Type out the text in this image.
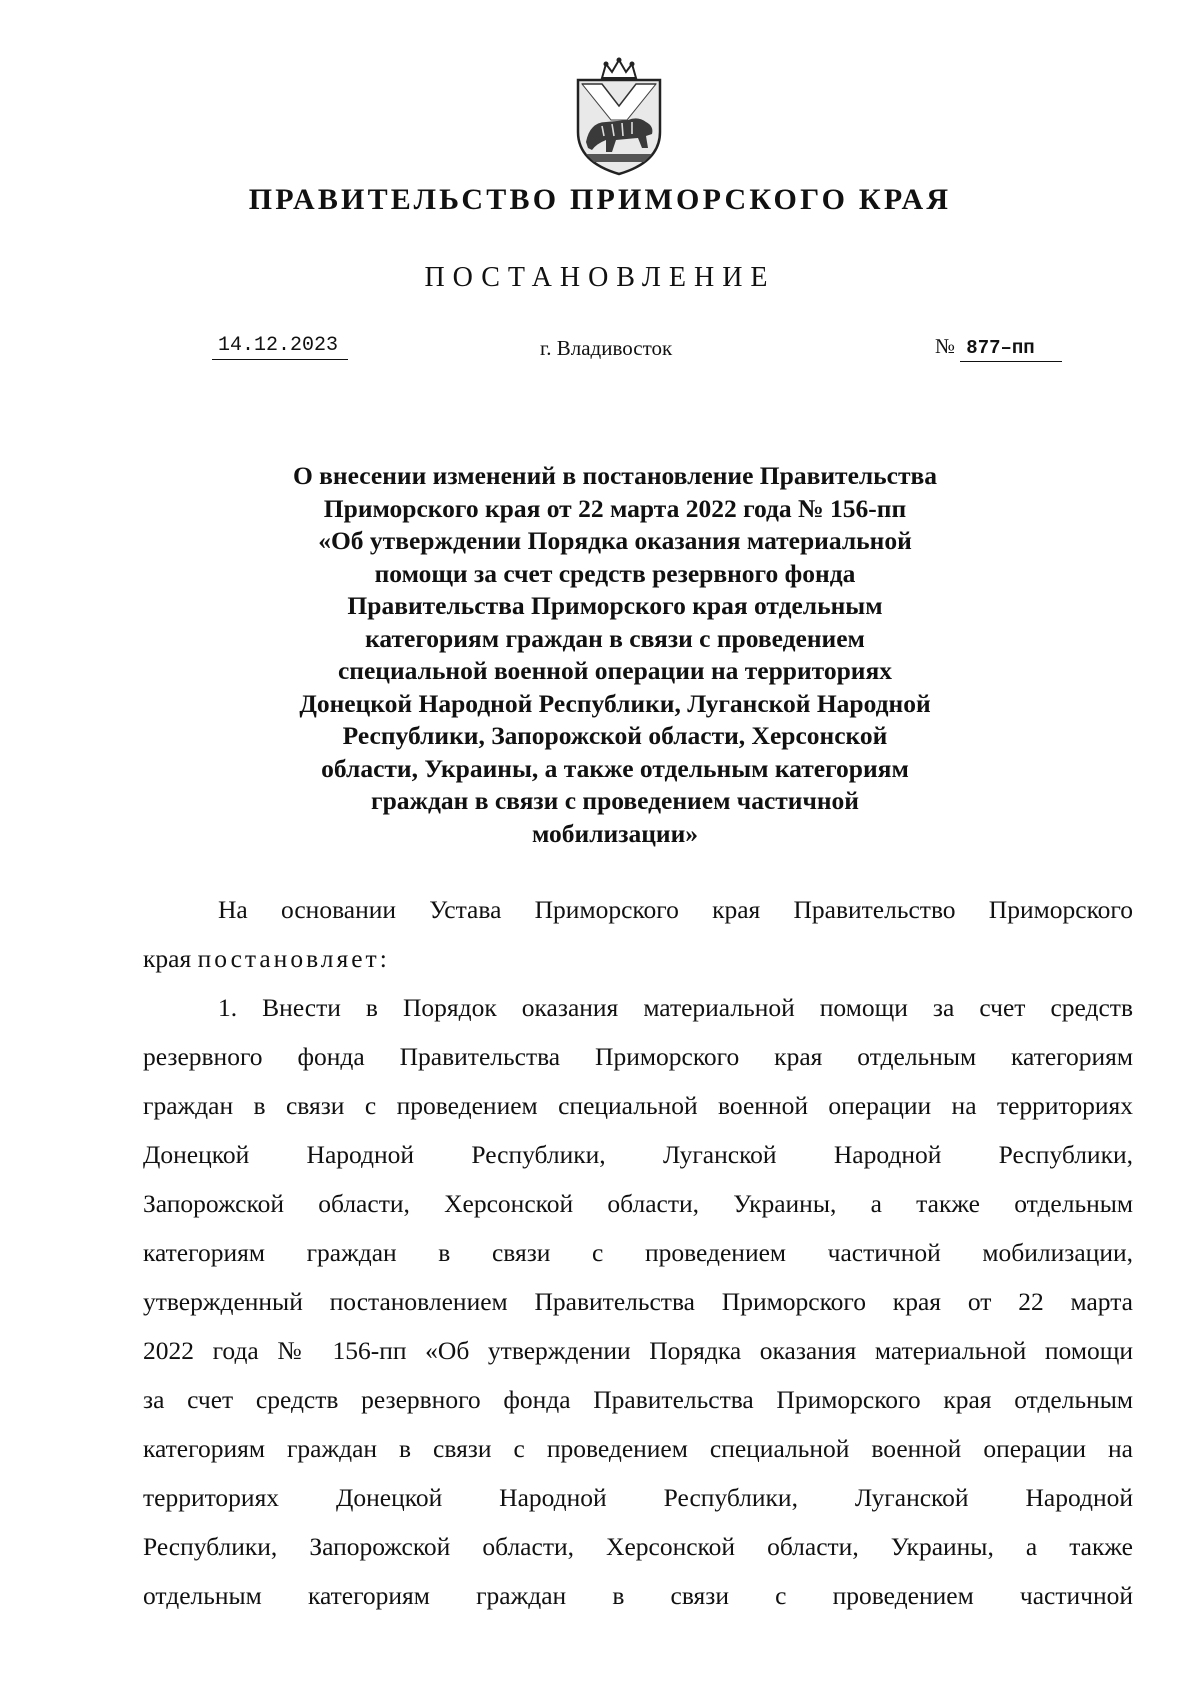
ПРАВИТЕЛЬСТВО ПРИМОРСКОГО КРАЯ
ПОСТАНОВЛЕНИЕ
14.12.2023	г. Владивосток	№ 877–пп
О внесении изменений в постановление Правительства
Приморского края от 22 марта 2022 года № 156-пп
«Об утверждении Порядка оказания материальной
помощи за счет средств резервного фонда
Правительства Приморского края отдельным
категориям граждан в связи с проведением
специальной военной операции на территориях
Донецкой Народной Республики, Луганской Народной
Республики, Запорожской области, Херсонской
области, Украины, а также отдельным категориям
граждан в связи с проведением частичной
мобилизации»
На основании Устава Приморского края Правительство Приморского
края постановляет:
1. Внести в Порядок оказания материальной помощи за счет средств
резервного фонда Правительства Приморского края отдельным категориям
граждан в связи с проведением специальной военной операции на территориях
Донецкой Народной Республики, Луганской Народной Республики,
Запорожской области, Херсонской области, Украины, а также отдельным
категориям граждан в связи с проведением частичной мобилизации,
утвержденный постановлением Правительства Приморского края от 22 марта
2022 года № 156-пп «Об утверждении Порядка оказания материальной помощи
за счет средств резервного фонда Правительства Приморского края отдельным
категориям граждан в связи с проведением специальной военной операции на
территориях Донецкой Народной Республики, Луганской Народной
Республики, Запорожской области, Херсонской области, Украины, а также
отдельным категориям граждан в связи с проведением частичной
